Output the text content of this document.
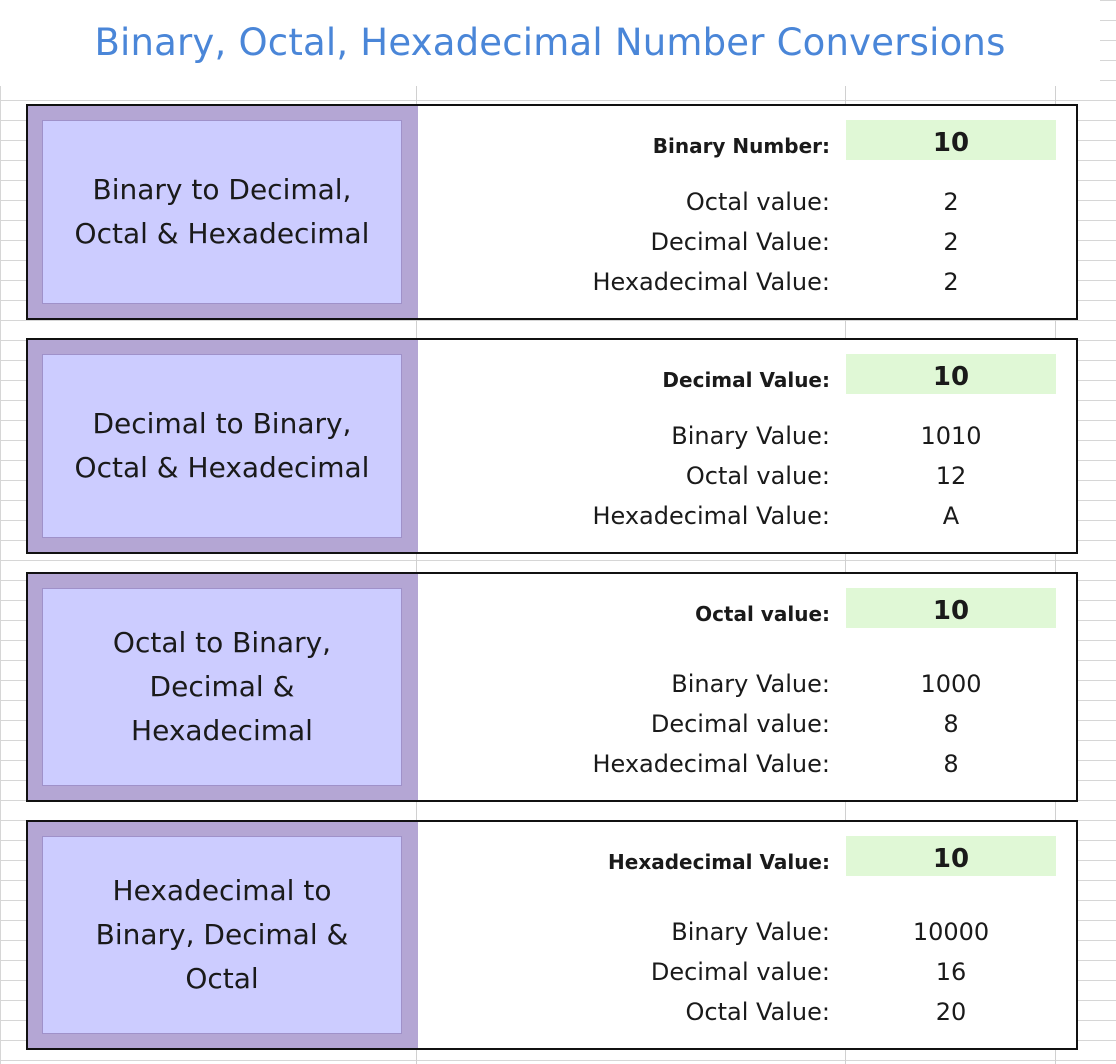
Binary, Octal, Hexadecimal Number Conversions
Binary to Decimal,
Octal & Hexadecimal
Binary Number:	10
Octal value:	2
Decimal Value:	2
Hexadecimal Value:	2
Decimal to Binary,
Octal & Hexadecimal
Decimal Value:	10
Binary Value:	1010
Octal value:	12
Hexadecimal Value:	A
Octal to Binary,
Decimal &
Hexadecimal
Octal value:	10
Binary Value:	1000
Decimal value:	8
Hexadecimal Value:	8
Hexadecimal to
Binary, Decimal &
Octal
Hexadecimal Value:	10
Binary Value:	10000
Decimal value:	16
Octal Value:	20
